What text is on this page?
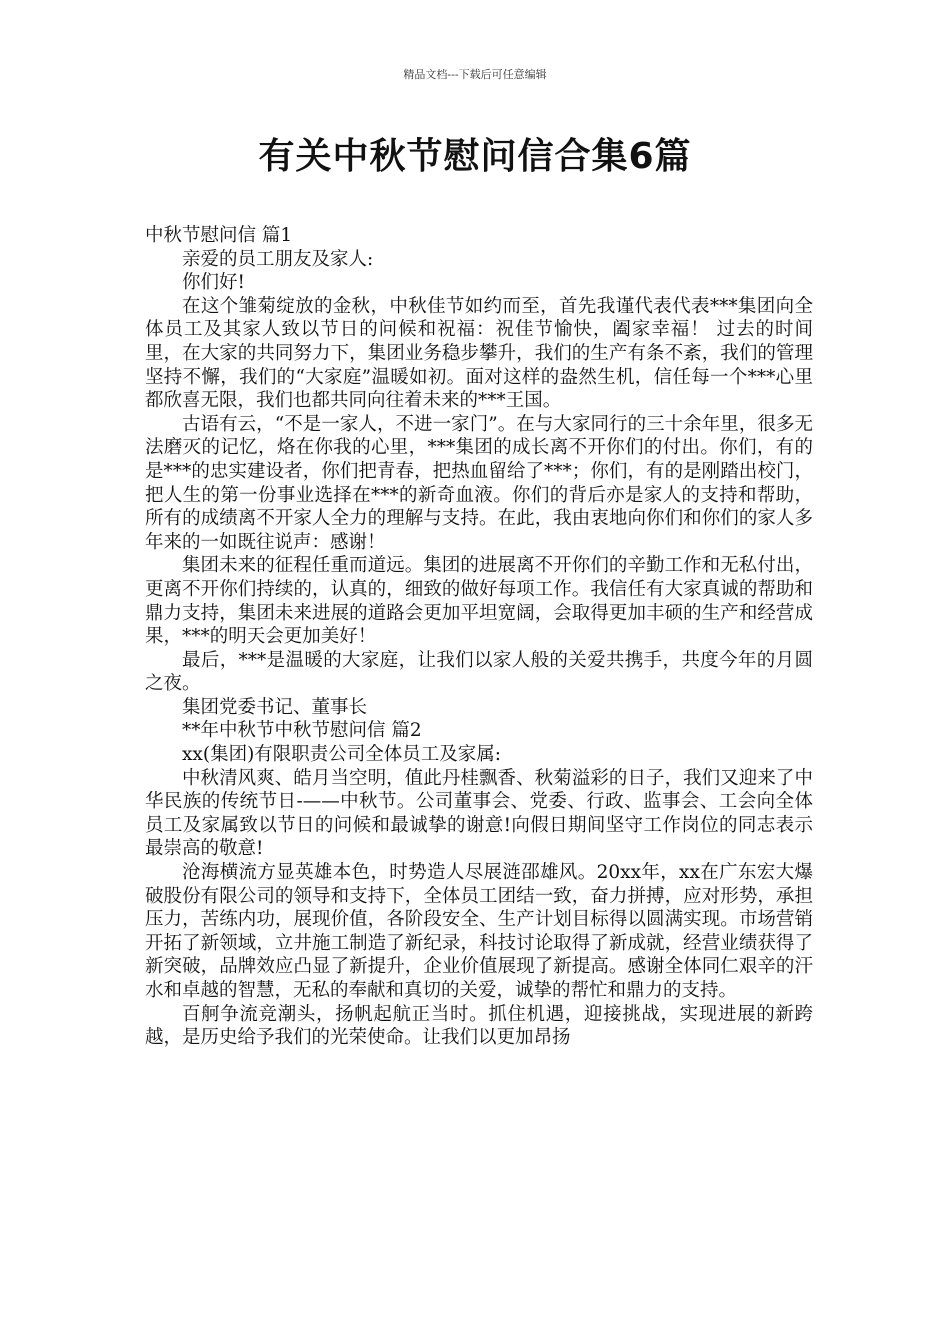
精品文档---下载后可任意编辑
有关中秋节慰问信合集6篇

中秋节慰问信 篇1

亲爱的员工朋友及家人:

你们好!

在这个雏菊绽放的金秋，中秋佳节如约而至，首先我谨代表代表***集团向全体员工及其家人致以节日的问候和祝福：祝佳节愉快，阖家幸福！ 过去的时间里，在大家的共同努力下，集团业务稳步攀升，我们的生产有条不紊，我们的管理坚持不懈，我们的“大家庭”温暖如初。面对这样的盎然生机，信任每一个***心里都欣喜无限，我们也都共同向往着未来的***王国。

古语有云，“不是一家人，不进一家门”。在与大家同行的三十余年里，很多无法磨灭的记忆，烙在你我的心里，***集团的成长离不开你们的付出。你们，有的是***的忠实建设者，你们把青春，把热血留给了***；你们，有的是刚踏出校门，把人生的第一份事业选择在***的新奇血液。你们的背后亦是家人的支持和帮助，所有的成绩离不开家人全力的理解与支持。在此，我由衷地向你们和你们的家人多年来的一如既往说声：感谢！

集团未来的征程任重而道远。集团的进展离不开你们的辛勤工作和无私付出，更离不开你们持续的，认真的，细致的做好每项工作。我信任有大家真诚的帮助和鼎力支持，集团未来进展的道路会更加平坦宽阔，会取得更加丰硕的生产和经营成果，***的明天会更加美好！

最后，***是温暖的大家庭，让我们以家人般的关爱共携手，共度今年的月圆之夜。

集团党委书记、董事长

**年中秋节中秋节慰问信 篇2

xx(集团)有限职责公司全体员工及家属:

中秋清风爽、皓月当空明，值此丹桂飘香、秋菊溢彩的日子，我们又迎来了中华民族的传统节日-——中秋节。公司董事会、党委、行政、监事会、工会向全体员工及家属致以节日的问候和最诚挚的谢意!向假日期间坚守工作岗位的同志表示最崇高的敬意!

沧海横流方显英雄本色，时势造人尽展涟邵雄风。20xx年，xx在广东宏大爆破股份有限公司的领导和支持下，全体员工团结一致，奋力拼搏，应对形势，承担压力，苦练内功，展现价值，各阶段安全、生产计划目标得以圆满实现。市场营销开拓了新领域，立井施工制造了新纪录，科技讨论取得了新成就，经营业绩获得了新突破，品牌效应凸显了新提升，企业价值展现了新提高。感谢全体同仁艰辛的汗水和卓越的智慧，无私的奉献和真切的关爱，诚挚的帮忙和鼎力的支持。

百舸争流竞潮头，扬帆起航正当时。抓住机遇，迎接挑战，实现进展的新跨越，是历史给予我们的光荣使命。让我们以更加昂扬
